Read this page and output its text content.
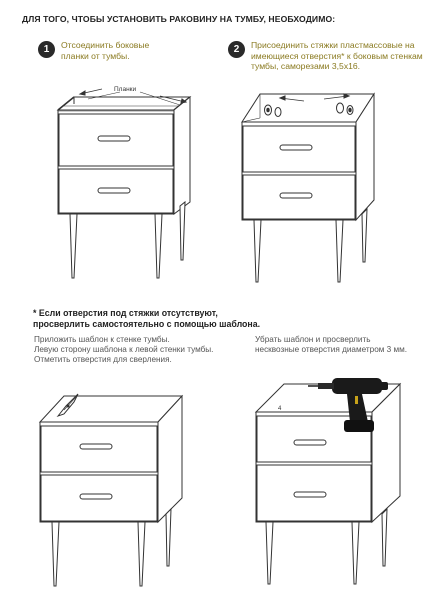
ДЛЯ ТОГО, ЧТОБЫ УСТАНОВИТЬ РАКОВИНУ НА ТУМБУ, НЕОБХОДИМО:
1	Отсоединить боковые
планки от тумбы.
2	Присоединить стяжки пластмассовые на
имеющиеся отверстия* к боковым стенкам
тумбы, саморезами 3,5х16.
Планки
* Если отверстия под стяжки отсутствуют,
просверлить самостоятельно с помощью шаблона.
Приложить шаблон к стенке тумбы.
Левую сторону шаблона к левой стенки тумбы.
Отметить отверстия для сверления.
Убрать шаблон и просверлить
несквозные отверстия диаметром 3 мм.
4
